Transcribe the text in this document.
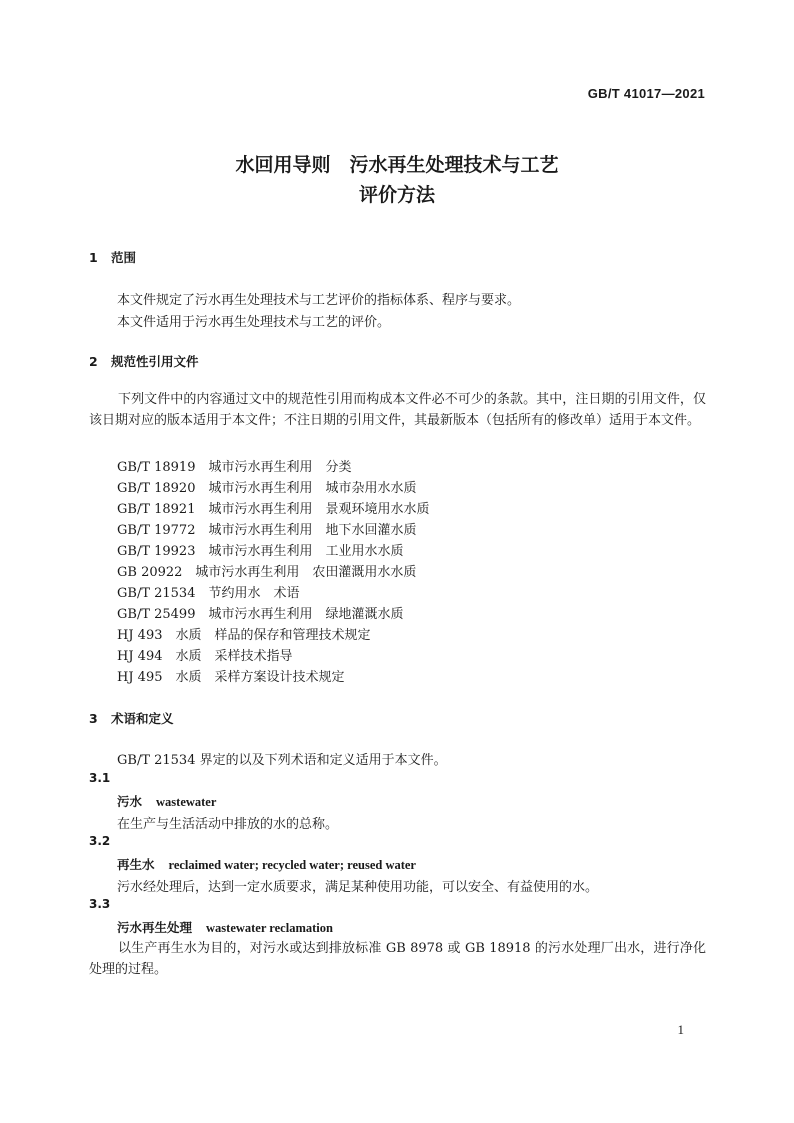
GB/T 41017—2021
水回用导则　污水再生处理技术与工艺
评价方法
1 范围
本文件规定了污水再生处理技术与工艺评价的指标体系、程序与要求。
本文件适用于污水再生处理技术与工艺的评价。
2 规范性引用文件
下列文件中的内容通过文中的规范性引用而构成本文件必不可少的条款。其中，注日期的引用文件，仅该日期对应的版本适用于本文件；不注日期的引用文件，其最新版本（包括所有的修改单）适用于本文件。
GB/T 18919　城市污水再生利用　分类
GB/T 18920　城市污水再生利用　城市杂用水水质
GB/T 18921　城市污水再生利用　景观环境用水水质
GB/T 19772　城市污水再生利用　地下水回灌水质
GB/T 19923　城市污水再生利用　工业用水水质
GB 20922　城市污水再生利用　农田灌溉用水水质
GB/T 21534　节约用水　术语
GB/T 25499　城市污水再生利用　绿地灌溉水质
HJ 493　水质　样品的保存和管理技术规定
HJ 494　水质　采样技术指导
HJ 495　水质　采样方案设计技术规定
3 术语和定义
GB/T 21534 界定的以及下列术语和定义适用于本文件。
3.1
污水 wastewater
在生产与生活活动中排放的水的总称。
3.2
再生水 reclaimed water; recycled water; reused water
污水经处理后，达到一定水质要求，满足某种使用功能，可以安全、有益使用的水。
3.3
污水再生处理 wastewater reclamation
以生产再生水为目的，对污水或达到排放标准 GB 8978 或 GB 18918 的污水处理厂出水，进行净化处理的过程。
1
